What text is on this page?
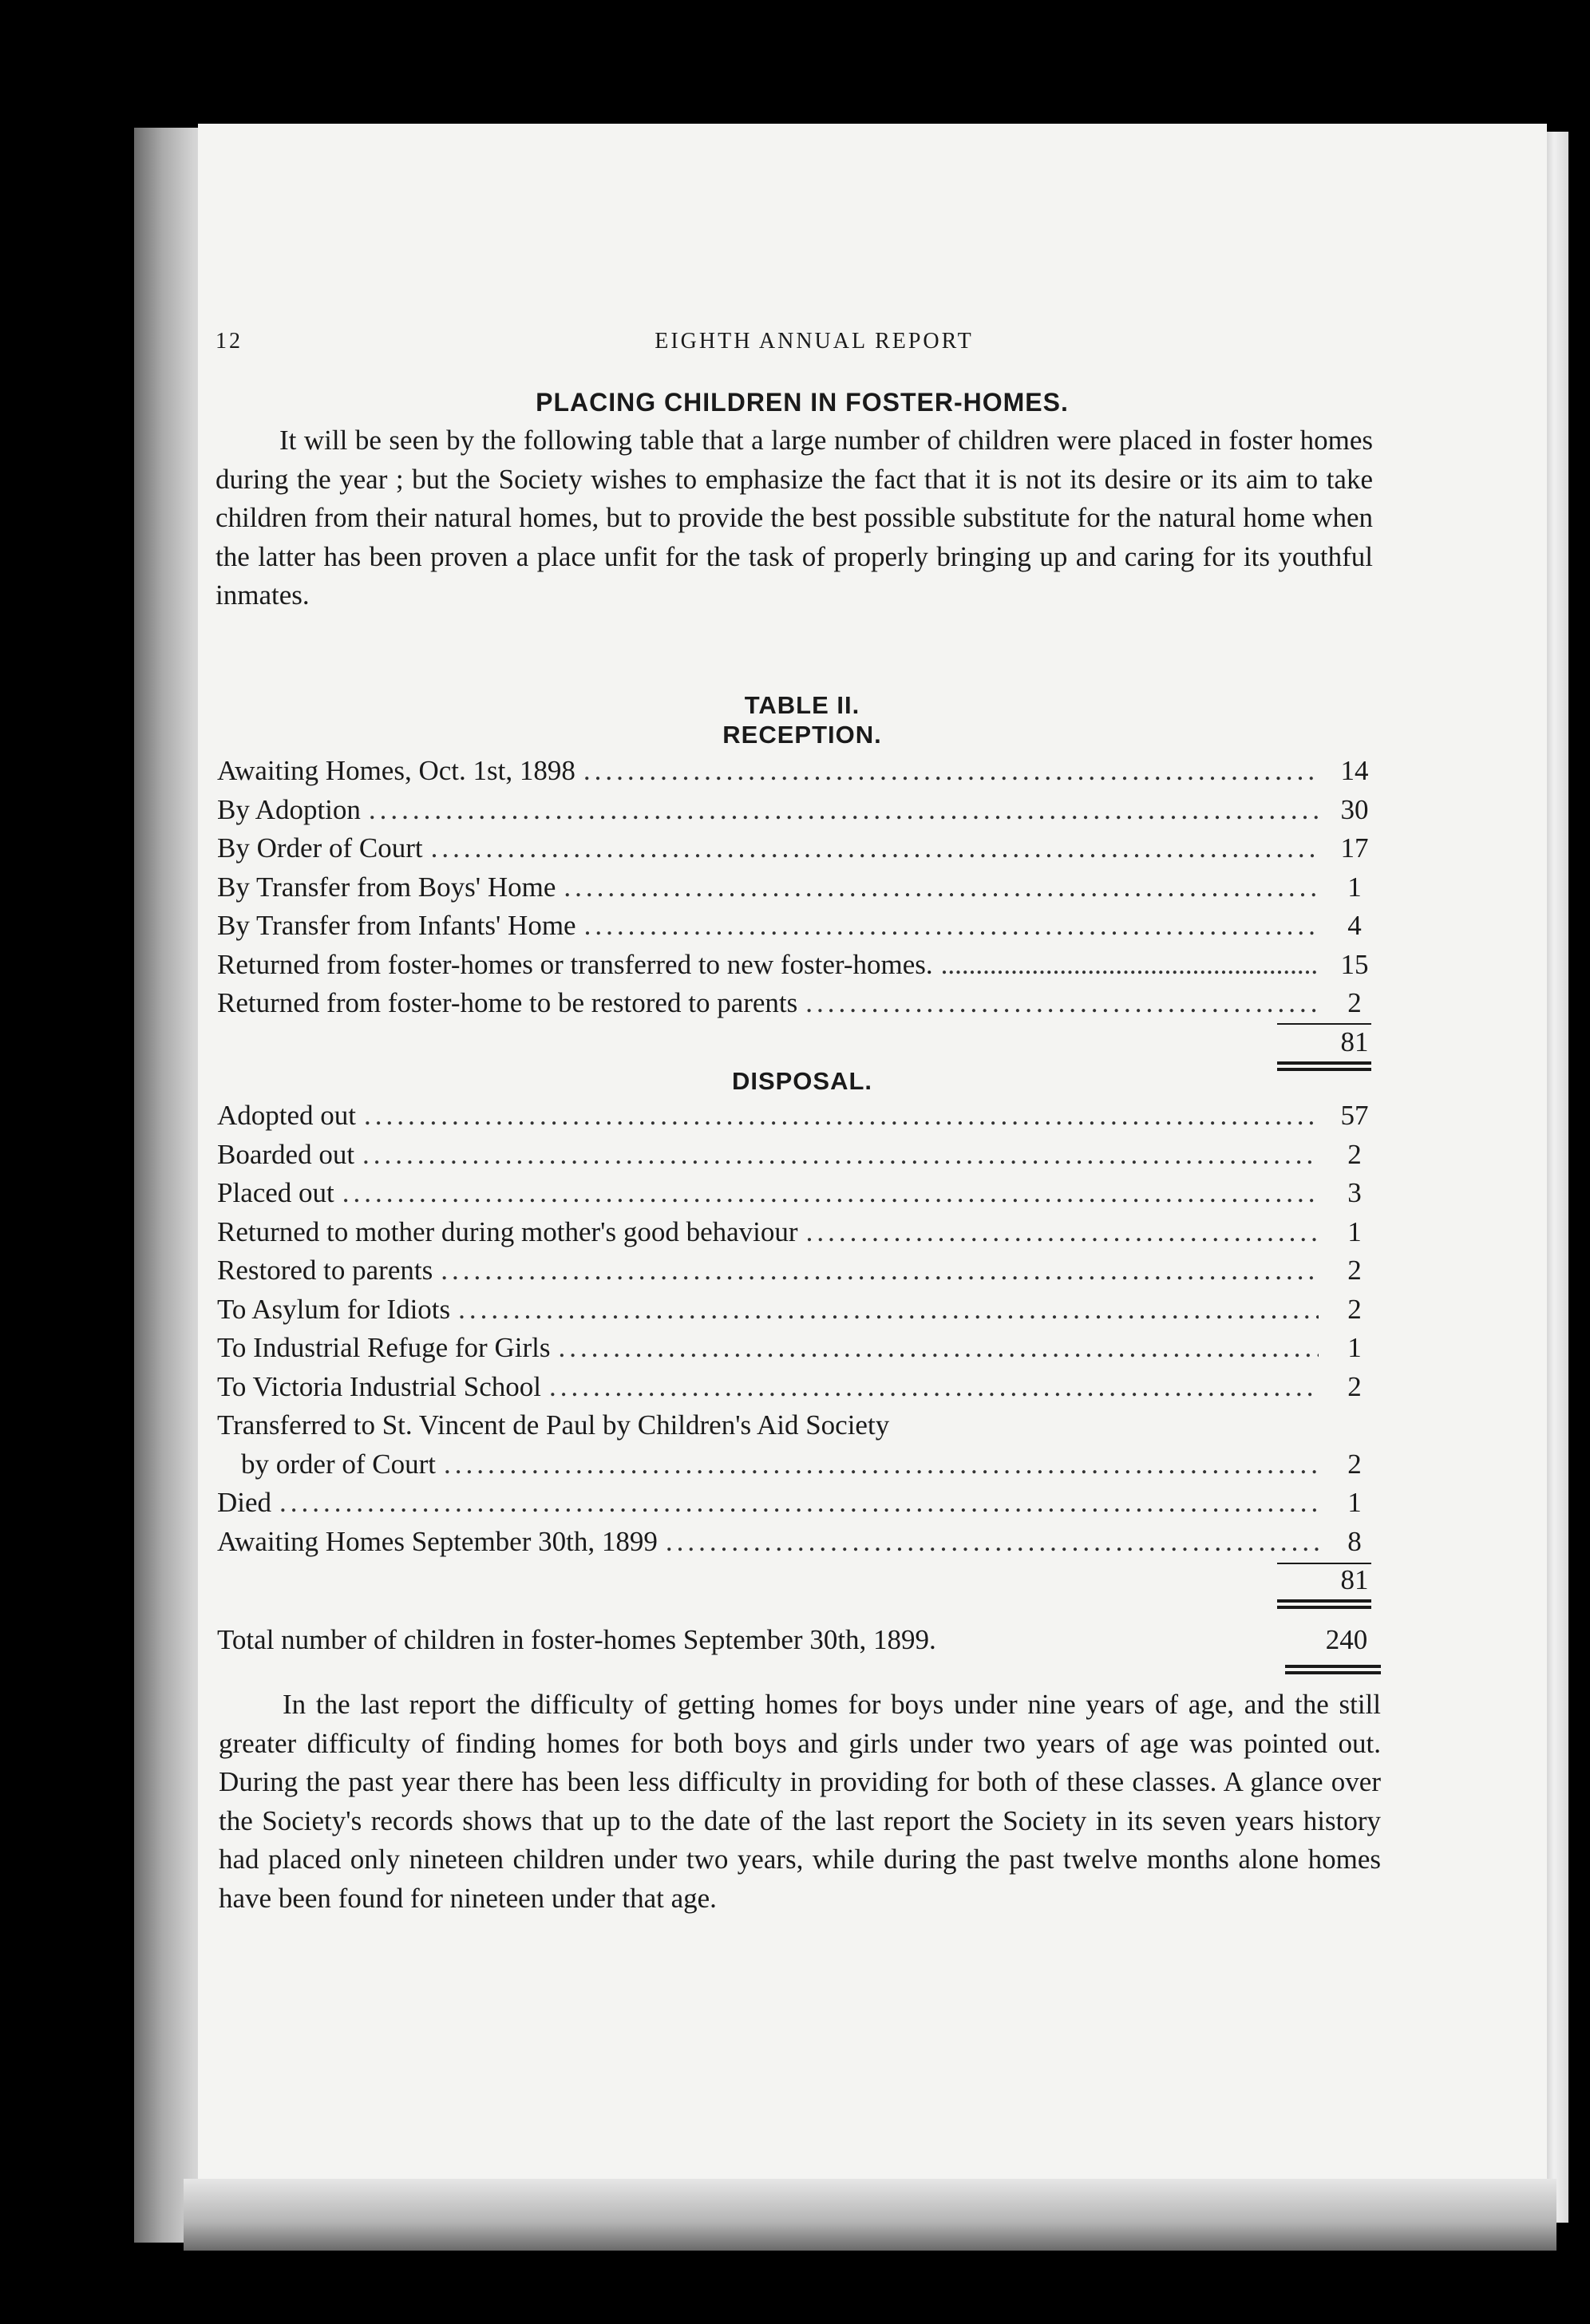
12	EIGHTH ANNUAL REPORT
PLACING CHILDREN IN FOSTER-HOMES.

It will be seen by the following table that a large number of children were placed in foster homes during the year ; but the Society wishes to emphasize the fact that it is not its desire or its aim to take children from their natural homes, but to provide the best possible substitute for the natural home when the latter has been proven a place unfit for the task of properly bringing up and caring for its youthful inmates.

TABLE II.
RECEPTION.
Awaiting Homes, Oct. 1st, 1898 .....	14
By Adoption .....	30
By Order of Court .....	17
By Transfer from Boys' Home .....	1
By Transfer from Infants' Home .....	4
Returned from foster-homes or transferred to new foster-homes. .....	15
Returned from foster-home to be restored to parents .....	2
81
DISPOSAL.
Adopted out .....	57
Boarded out .....	2
Placed out .....	3
Returned to mother during mother's good behaviour .....	1
Restored to parents .....	2
To Asylum for Idiots .....	2
To Industrial Refuge for Girls .....	1
To Victoria Industrial School .....	2
Transferred to St. Vincent de Paul by Children's Aid Society
by order of Court .....	2
Died .....	1
Awaiting Homes September 30th, 1899 .....	8
81
Total number of children in foster-homes September 30th, 1899.	240

In the last report the difficulty of getting homes for boys under nine years of age, and the still greater difficulty of finding homes for both boys and girls under two years of age was pointed out. During the past year there has been less difficulty in providing for both of these classes. A glance over the Society's records shows that up to the date of the last report the Society in its seven years history had placed only nineteen children under two years, while during the past twelve months alone homes have been found for nineteen under that age.
